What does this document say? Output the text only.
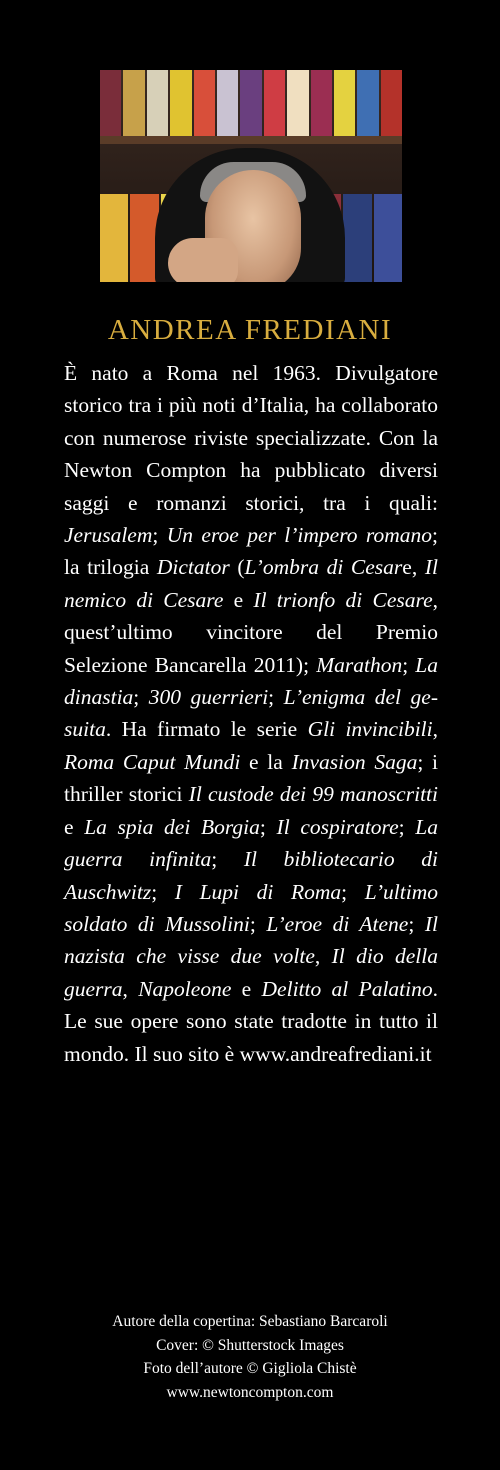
ANDREA FREDIANI
È nato a Roma nel 1963. Divulgatore storico tra i più noti d’Italia, ha collaborato con numerose riviste specializzate. Con la Newton Compton ha pubblicato diversi saggi e romanzi storici, tra i quali: Jerusalem; Un eroe per l’impero romano; la trilogia Dictator (L’ombra di Cesare, Il nemico di Cesare e Il trionfo di Cesare, quest’ultimo vincitore del Premio Selezione Bancarella 2011); Marathon; La dinastia; 300 guerrieri; L’enigma del gesuita. Ha firmato le serie Gli invincibili, Roma Caput Mundi e la Invasion Saga; i thriller storici Il custode dei 99 manoscritti e La spia dei Borgia; Il cospiratore; La guerra infinita; Il bibliotecario di Auschwitz; I Lupi di Roma; L’ultimo soldato di Mussolini; L’eroe di Atene; Il nazista che visse due volte, Il dio della guerra, Napoleone e Delitto al Palatino. Le sue opere sono state tradotte in tutto il mondo. Il suo sito è www.andreafrediani.it
Autore della copertina: Sebastiano Barcaroli
Cover: © Shutterstock Images
Foto dell’autore © Gigliola Chistè
www.newtoncompton.com
